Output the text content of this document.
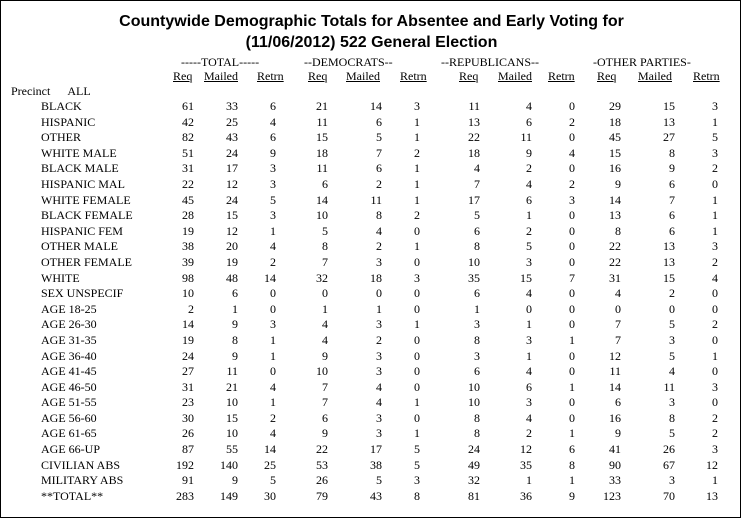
Countywide Demographic Totals for Absentee and Early Voting for
(11/06/2012) 522 General Election
-----TOTAL-----	--DEMOCRATS--	--REPUBLICANS--	-OTHER PARTIES-
Req Mailed Retrn Req Mailed Retrn	Req Mailed Retrn Req Mailed Retrn
Precinct ALL
BLACK	61	33	6	21	14	3	11	4	0	29	15	3
HISPANIC	42	25	4	11	6	1	13	6	2	18	13	1
OTHER	82	43	6	15	5	1	22	11	0	45	27	5
WHITE MALE	51	24	9	18	7	2	18	9	4	15	8	3
BLACK MALE	31	17	3	11	6	1	4	2	0	16	9	2
HISPANIC MAL	22	12	3	6	2	1	7	4	2	9	6	0
WHITE FEMALE	45	24	5	14	11	1	17	6	3	14	7	1
BLACK FEMALE	28	15	3	10	8	2	5	1	0	13	6	1
HISPANIC FEM	19	12	1	5	4	0	6	2	0	8	6	1
OTHER MALE	38	20	4	8	2	1	8	5	0	22	13	3
OTHER FEMALE	39	19	2	7	3	0	10	3	0	22	13	2
WHITE	98	48	14	32	18	3	35	15	7	31	15	4
SEX UNSPECIF	10	6	0	0	0	0	6	4	0	4	2	0
AGE 18-25	2	1	0	1	1	0	1	0	0	0	0	0
AGE 26-30	14	9	3	4	3	1	3	1	0	7	5	2
AGE 31-35	19	8	1	4	2	0	8	3	1	7	3	0
AGE 36-40	24	9	1	9	3	0	3	1	0	12	5	1
AGE 41-45	27	11	0	10	3	0	6	4	0	11	4	0
AGE 46-50	31	21	4	7	4	0	10	6	1	14	11	3
AGE 51-55	23	10	1	7	4	1	10	3	0	6	3	0
AGE 56-60	30	15	2	6	3	0	8	4	0	16	8	2
AGE 61-65	26	10	4	9	3	1	8	2	1	9	5	2
AGE 66-UP	87	55	14	22	17	5	24	12	6	41	26	3
CIVILIAN ABS	192	140	25	53	38	5	49	35	8	90	67	12
MILITARY ABS	91	9	5	26	5	3	32	1	1	33	3	1
**TOTAL**	283	149	30	79	43	8	81	36	9	123	70	13
